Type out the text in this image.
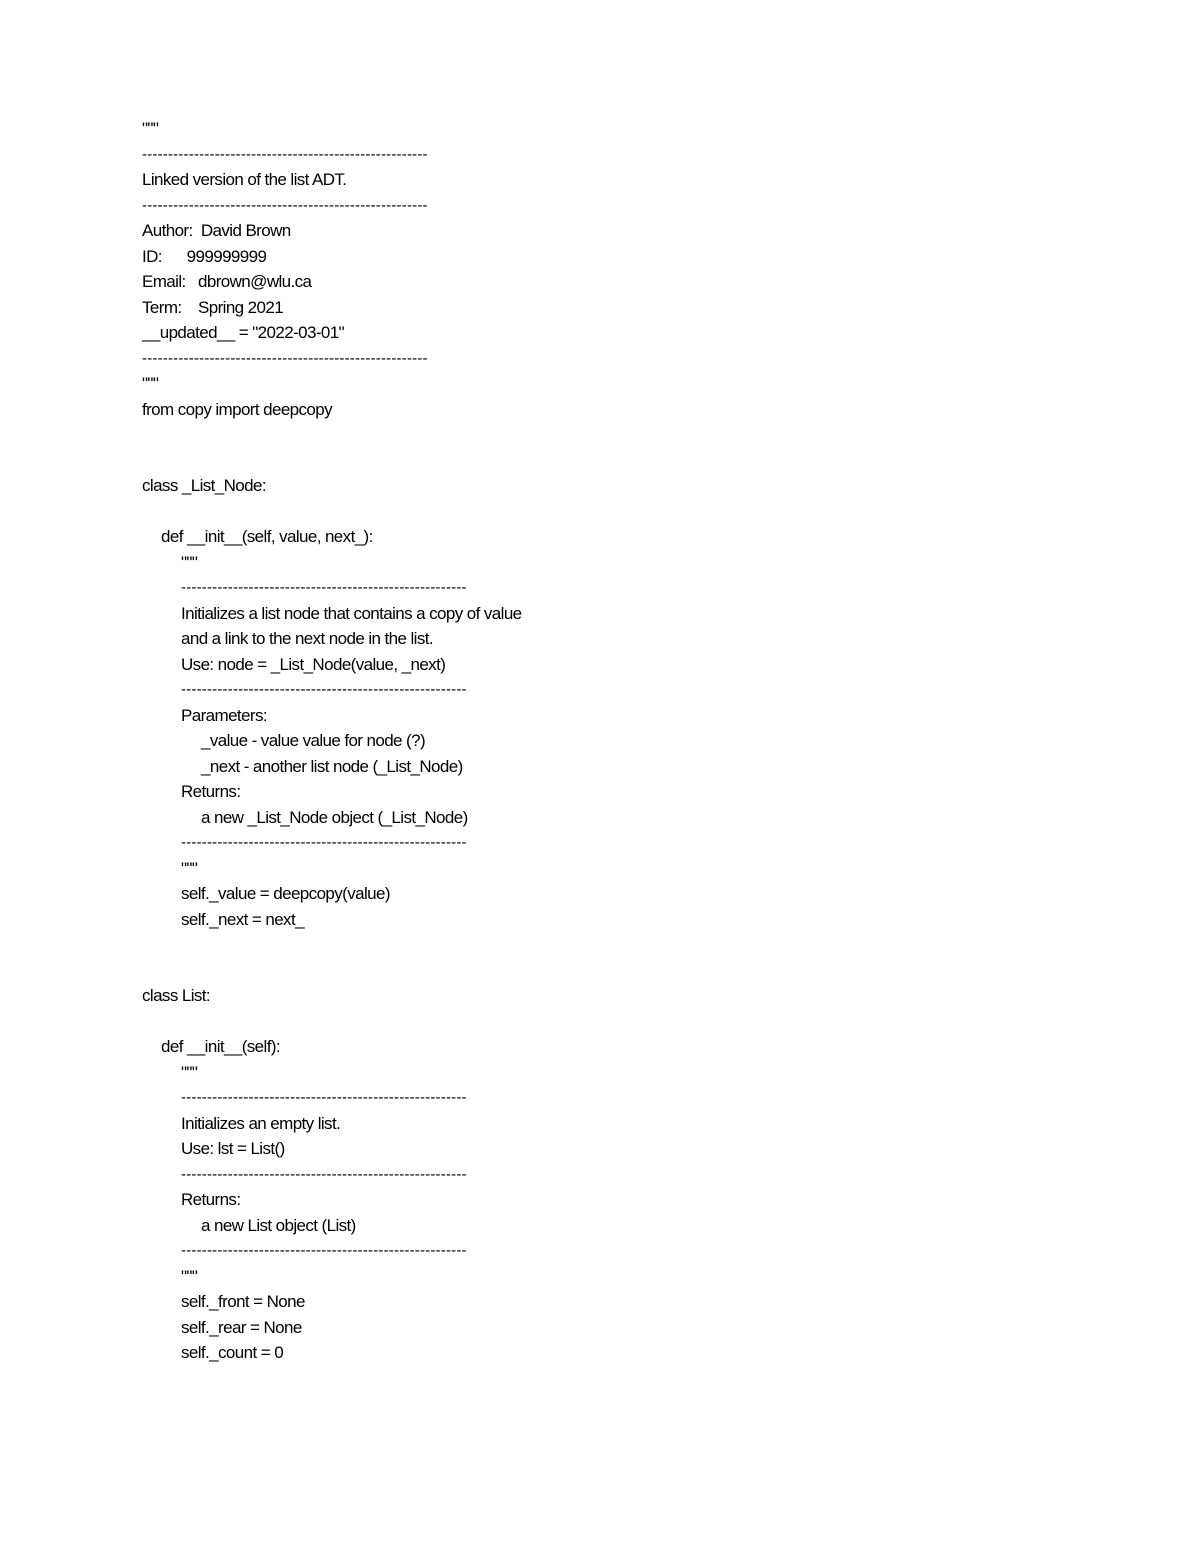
"""
-------------------------------------------------------
Linked version of the list ADT.
-------------------------------------------------------
Author:  David Brown
ID:      999999999
Email:   dbrown@wlu.ca
Term:    Spring 2021
__updated__ = "2022-03-01"
-------------------------------------------------------
"""
from copy import deepcopy
class _List_Node:
def __init__(self, value, next_):
"""
-------------------------------------------------------
Initializes a list node that contains a copy of value
and a link to the next node in the list.
Use: node = _List_Node(value, _next)
-------------------------------------------------------
Parameters:
_value - value value for node (?)
_next - another list node (_List_Node)
Returns:
a new _List_Node object (_List_Node)
-------------------------------------------------------
"""
self._value = deepcopy(value)
self._next = next_
class List:
def __init__(self):
"""
-------------------------------------------------------
Initializes an empty list.
Use: lst = List()
-------------------------------------------------------
Returns:
a new List object (List)
-------------------------------------------------------
"""
self._front = None
self._rear = None
self._count = 0
